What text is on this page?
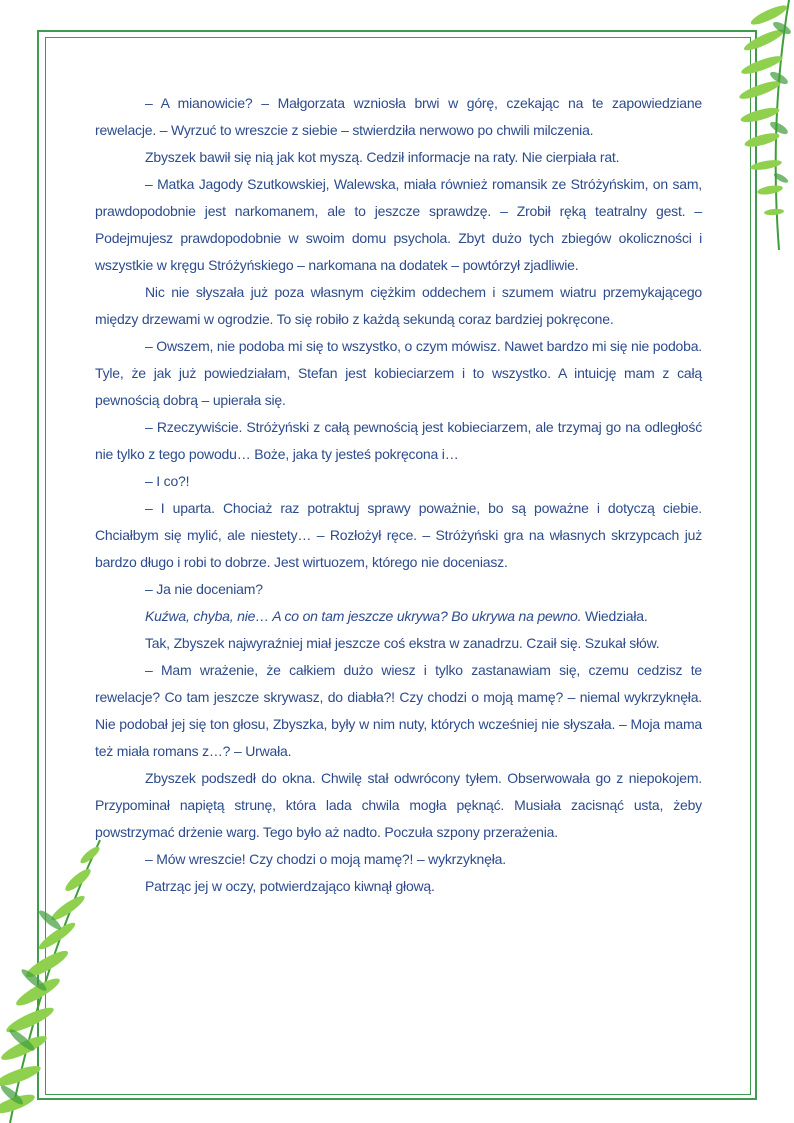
– A mianowicie? – Małgorzata wzniosła brwi w górę, czekając na te zapowiedziane rewelacje. – Wyrzuć to wreszcie z siebie – stwierdziła nerwowo po chwili milczenia.

Zbyszek bawił się nią jak kot myszą. Cedził informacje na raty. Nie cierpiała rat.

– Matka Jagody Szutkowskiej, Walewska, miała również romansik ze Stróżyńskim, on sam, prawdopodobnie jest narkomanem, ale to jeszcze sprawdzę. – Zrobił ręką teatralny gest. – Podejmujesz prawdopodobnie w swoim domu psychola. Zbyt dużo tych zbiegów okoliczności i wszystkie w kręgu Stróżyńskiego – narkomana na dodatek – powtórzył zjadliwie.

Nic nie słyszała już poza własnym ciężkim oddechem i szumem wiatru przemykającego między drzewami w ogrodzie. To się robiło z każdą sekundą coraz bardziej pokręcone.

– Owszem, nie podoba mi się to wszystko, o czym mówisz. Nawet bardzo mi się nie podoba. Tyle, że jak już powiedziałam, Stefan jest kobieciarzem i to wszystko. A intuicję mam z całą pewnością dobrą – upierała się.

– Rzeczywiście. Stróżyński z całą pewnością jest kobieciarzem, ale trzymaj go na odległość nie tylko z tego powodu… Boże, jaka ty jesteś pokręcona i…

– I co?!

– I uparta. Chociaż raz potraktuj sprawy poważnie, bo są poważne i dotyczą ciebie. Chciałbym się mylić, ale niestety… – Rozłożył ręce. – Stróżyński gra na własnych skrzypcach już bardzo długo i robi to dobrze. Jest wirtuozem, którego nie doceniasz.

– Ja nie doceniam?

Kuźwa, chyba, nie… A co on tam jeszcze ukrywa? Bo ukrywa na pewno. Wiedziała.

Tak, Zbyszek najwyraźniej miał jeszcze coś ekstra w zanadrzu. Czaił się. Szukał słów.

– Mam wrażenie, że całkiem dużo wiesz i tylko zastanawiam się, czemu cedzisz te rewelacje? Co tam jeszcze skrywasz, do diabła?! Czy chodzi o moją mamę? – niemal wykrzyknęła. Nie podobał jej się ton głosu, Zbyszka, były w nim nuty, których wcześniej nie słyszała. – Moja mama też miała romans z…? – Urwała.

Zbyszek podszedł do okna. Chwilę stał odwrócony tyłem. Obserwowała go z niepokojem. Przypominał napiętą strunę, która lada chwila mogła pęknąć. Musiała zacisnąć usta, żeby powstrzymać drżenie warg. Tego było aż nadto. Poczuła szpony przerażenia.

– Mów wreszcie! Czy chodzi o moją mamę?! – wykrzyknęła.

Patrząc jej w oczy, potwierdzająco kiwnął głową.
